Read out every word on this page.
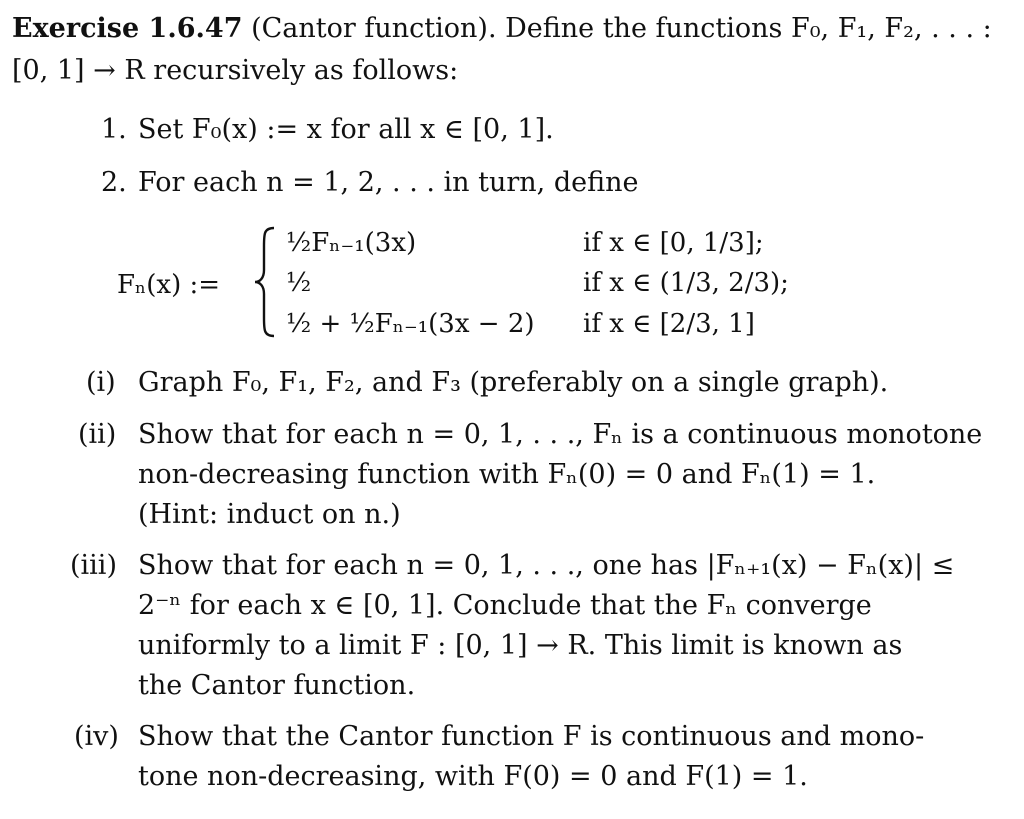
Exercise 1.6.47 (Cantor function). Define the functions F₀, F₁, F₂, . . . :
[0, 1] → R recursively as follows:
1. Set F₀(x) := x for all x ∈ [0, 1].
2. For each n = 1, 2, . . . in turn, define
Fₙ(x) :=
½Fₙ₋₁(3x)	if x ∈ [0, 1/3];
½	if x ∈ (1/3, 2/3);
½ + ½Fₙ₋₁(3x − 2) if x ∈ [2/3, 1]
(i) Graph F₀, F₁, F₂, and F₃ (preferably on a single graph).
(ii) Show that for each n = 0, 1, . . ., Fₙ is a continuous monotone
non-decreasing function with Fₙ(0) = 0 and Fₙ(1) = 1.
(Hint: induct on n.)
(iii) Show that for each n = 0, 1, . . ., one has |Fₙ₊₁(x) − Fₙ(x)| ≤
2⁻ⁿ for each x ∈ [0, 1]. Conclude that the Fₙ converge
uniformly to a limit F : [0, 1] → R. This limit is known as
the Cantor function.
(iv) Show that the Cantor function F is continuous and mono-
tone non-decreasing, with F(0) = 0 and F(1) = 1.
